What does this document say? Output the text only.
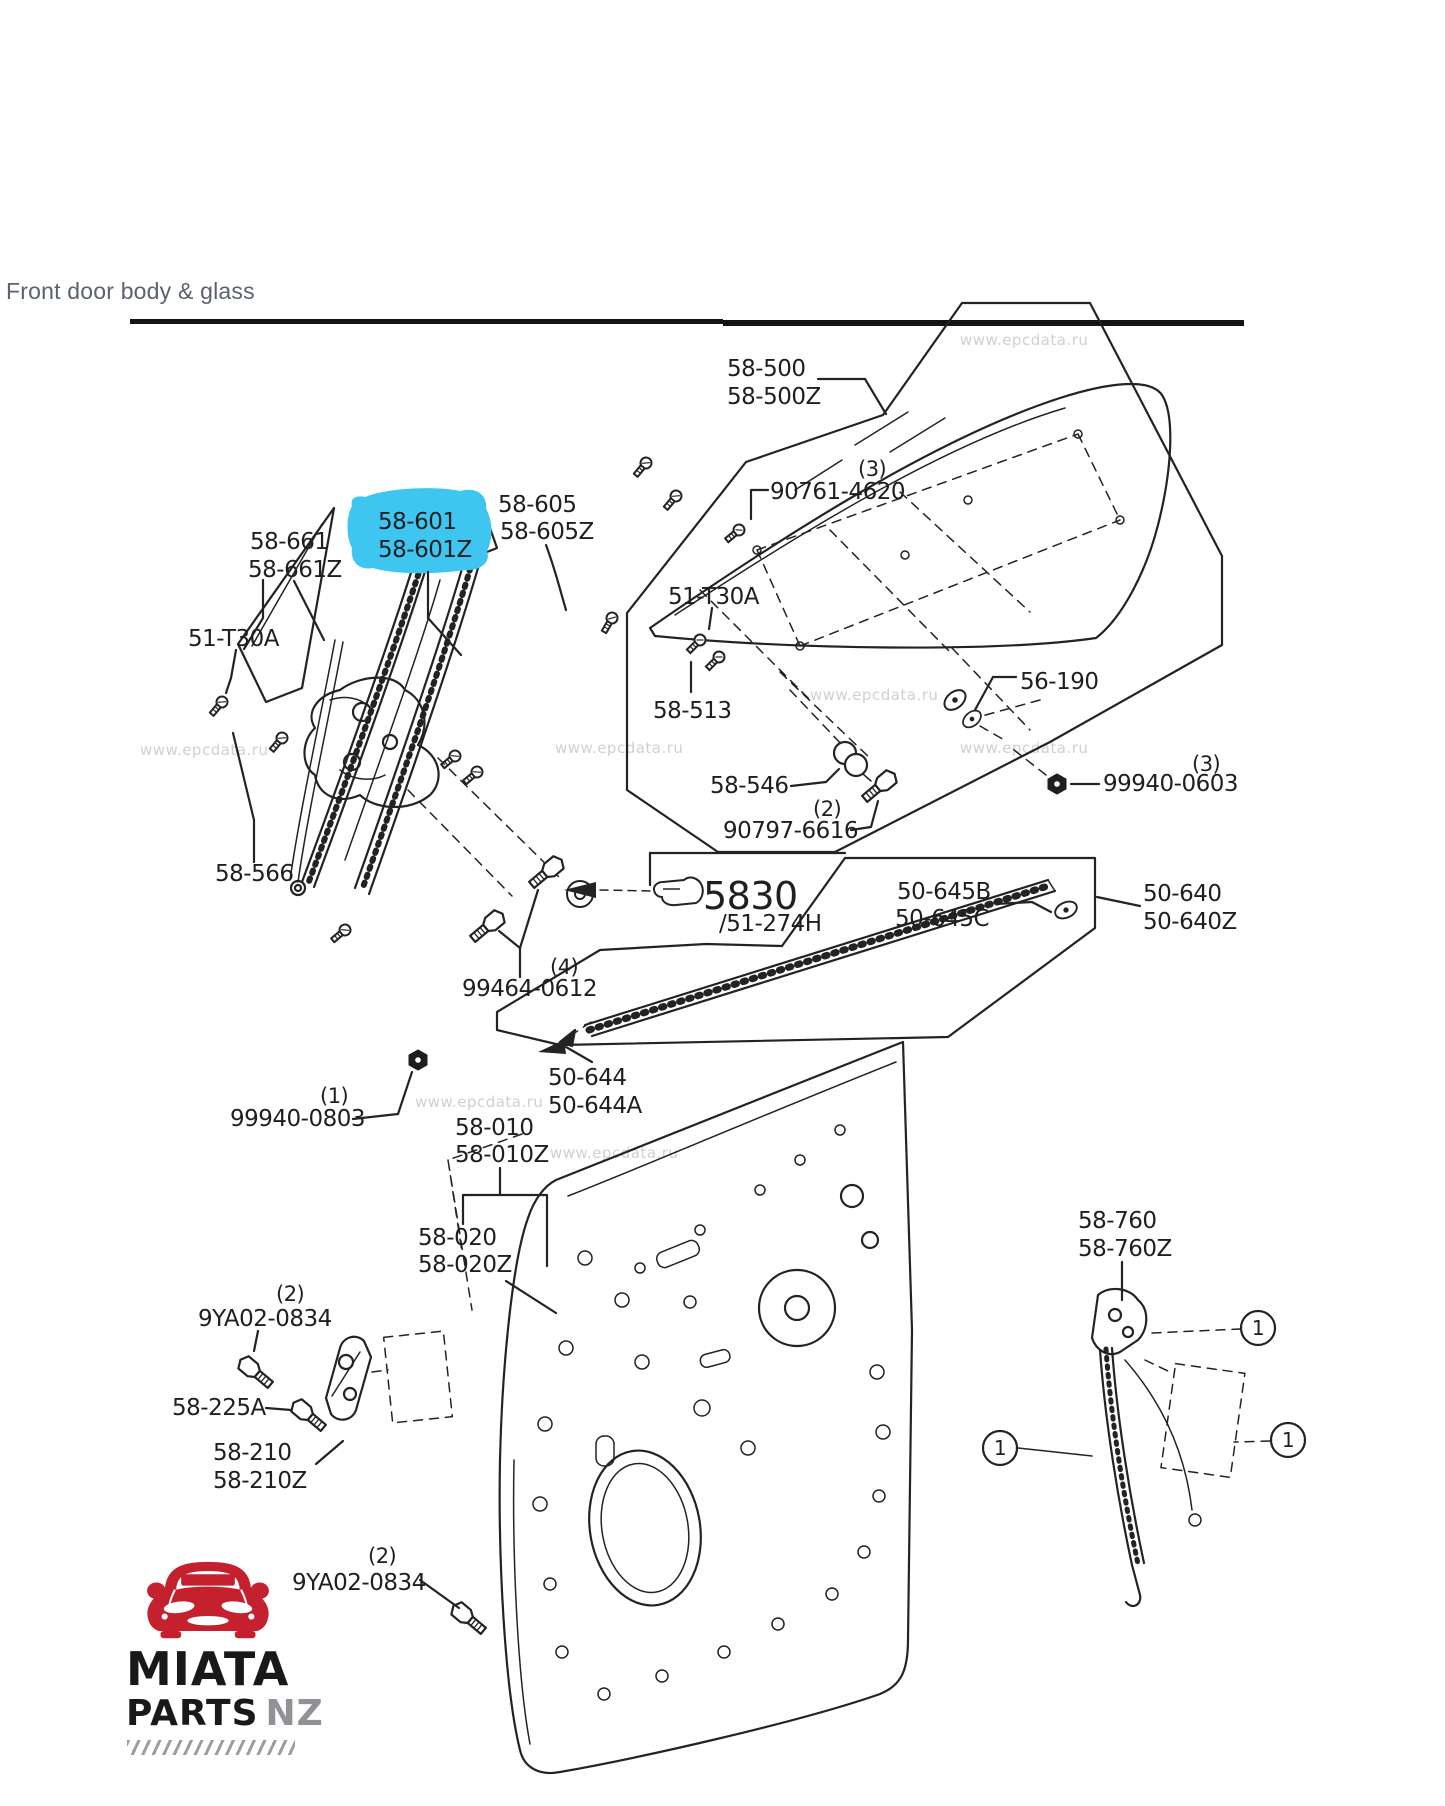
Front door body & glass
www.epcdata.ru
www.epcdata.ru	www.epcdata.ru	www.epcdata.ru
www.epcdata.ru
www.epcdata.ru
www.epcdata.ru
58-500
58-500Z
(3)
90761-4620
58-661
58-661Z
58-601
58-601Z
58-605
58-605Z
51-T30A
51-T30A
58-513
56-190
58-546
(2)
90797-6616
(3)
99940-0603
58-566
(4)
99464-0612
5830
/51-274H
50-645B
50-645C
50-640
50-640Z
50-644
50-644A
(1)
99940-0803	58-010
58-010Z
58-020
58-020Z
(2)
9YA02-0834
58-225A
58-210
58-210Z
(2)
9YA02-0834
58-760
58-760Z
1
1
1
MIATA
PARTS NZ
